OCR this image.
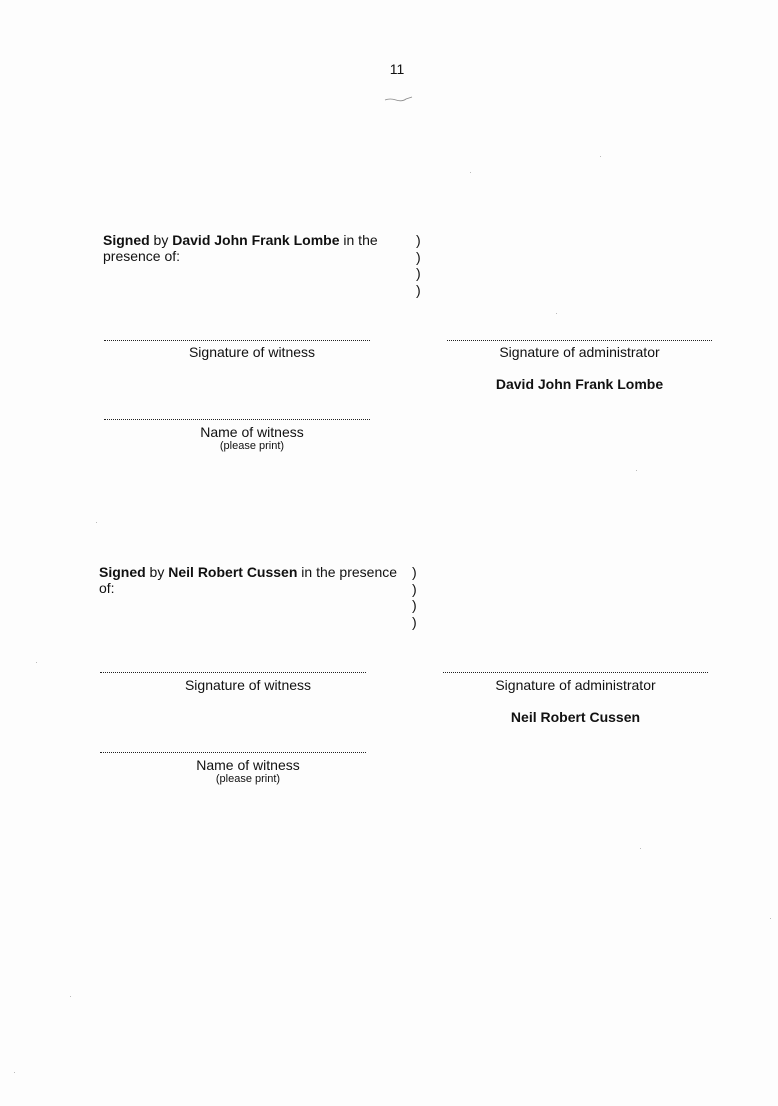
11
Signed by David John Frank Lombe in the
presence of:
)
)
)
)
Signature of witness	Signature of administrator
David John Frank Lombe
Name of witness
(please print)
Signed by Neil Robert Cussen in the presence
of:
)
)
)
)
Signature of witness	Signature of administrator
Neil Robert Cussen
Name of witness
(please print)
